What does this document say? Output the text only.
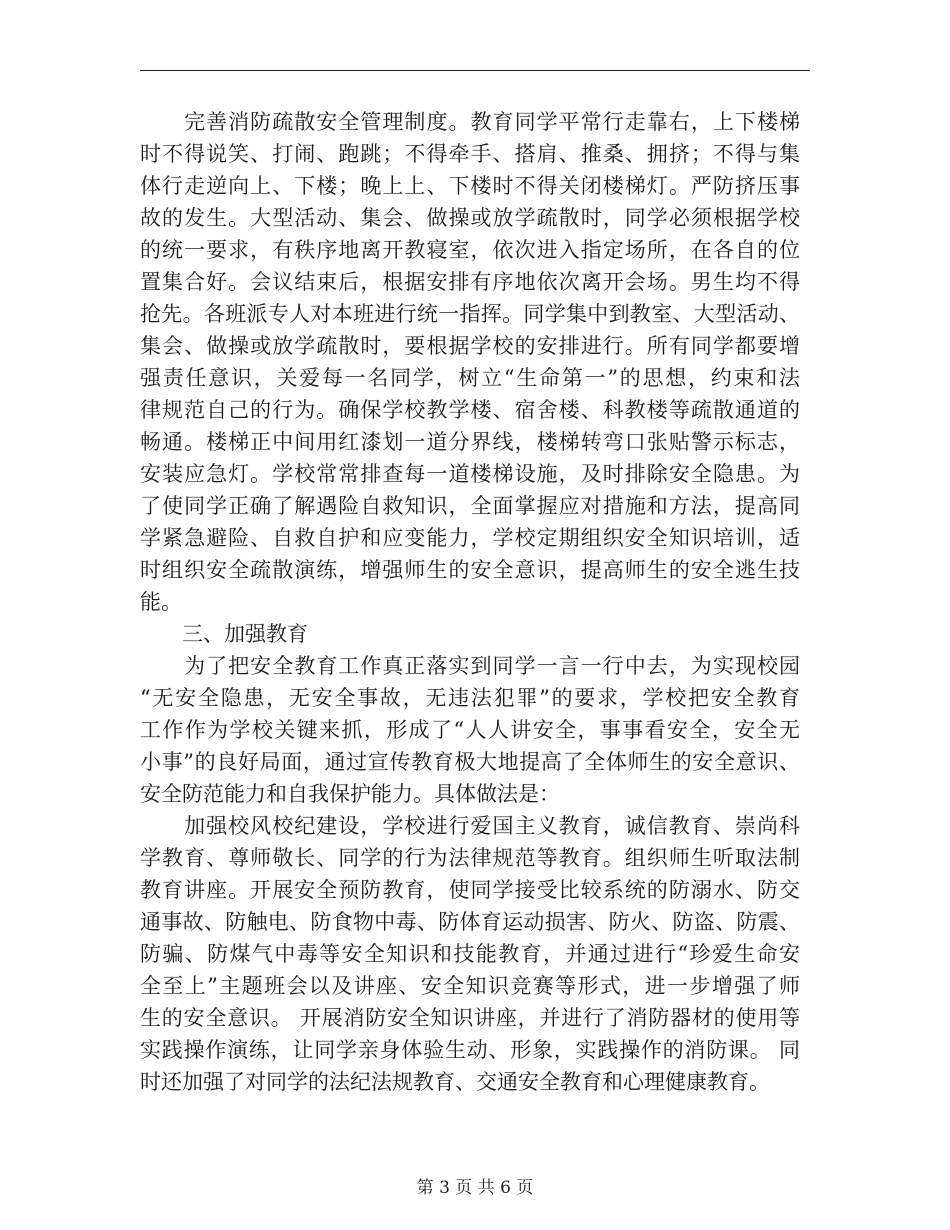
　　完善消防疏散安全管理制度。教育同学平常行走靠右，上下楼梯
时不得说笑、打闹、跑跳；不得牵手、搭肩、推桑、拥挤；不得与集
体行走逆向上、下楼；晚上上、下楼时不得关闭楼梯灯。严防挤压事
故的发生。大型活动、集会、做操或放学疏散时，同学必须根据学校
的统一要求，有秩序地离开教寝室，依次进入指定场所，在各自的位
置集合好。会议结束后，根据安排有序地依次离开会场。男生均不得
抢先。各班派专人对本班进行统一指挥。同学集中到教室、大型活动、
集会、做操或放学疏散时，要根据学校的安排进行。所有同学都要增
强责任意识，关爱每一名同学，树立“生命第一”的思想，约束和法
律规范自己的行为。确保学校教学楼、宿舍楼、科教楼等疏散通道的
畅通。楼梯正中间用红漆划一道分界线，楼梯转弯口张贴警示标志，
安装应急灯。学校常常排查每一道楼梯设施，及时排除安全隐患。为
了使同学正确了解遇险自救知识，全面掌握应对措施和方法，提高同
学紧急避险、自救自护和应变能力，学校定期组织安全知识培训，适
时组织安全疏散演练，增强师生的安全意识，提高师生的安全逃生技
能。
　　三、加强教育
　　为了把安全教育工作真正落实到同学一言一行中去，为实现校园
“无安全隐患，无安全事故，无违法犯罪”的要求，学校把安全教育
工作作为学校关键来抓，形成了“人人讲安全，事事看安全，安全无
小事”的良好局面，通过宣传教育极大地提高了全体师生的安全意识、
安全防范能力和自我保护能力。具体做法是：
　　加强校风校纪建设，学校进行爱国主义教育，诚信教育、崇尚科
学教育、尊师敬长、同学的行为法律规范等教育。组织师生听取法制
教育讲座。开展安全预防教育，使同学接受比较系统的防溺水、防交
通事故、防触电、防食物中毒、防体育运动损害、防火、防盗、防震、
防骗、防煤气中毒等安全知识和技能教育，并通过进行“珍爱生命安
全至上”主题班会以及讲座、安全知识竞赛等形式，进一步增强了师
生的安全意识。 开展消防安全知识讲座，并进行了消防器材的使用等
实践操作演练，让同学亲身体验生动、形象，实践操作的消防课。 同
时还加强了对同学的法纪法规教育、交通安全教育和心理健康教育。
第 3 页 共 6 页
